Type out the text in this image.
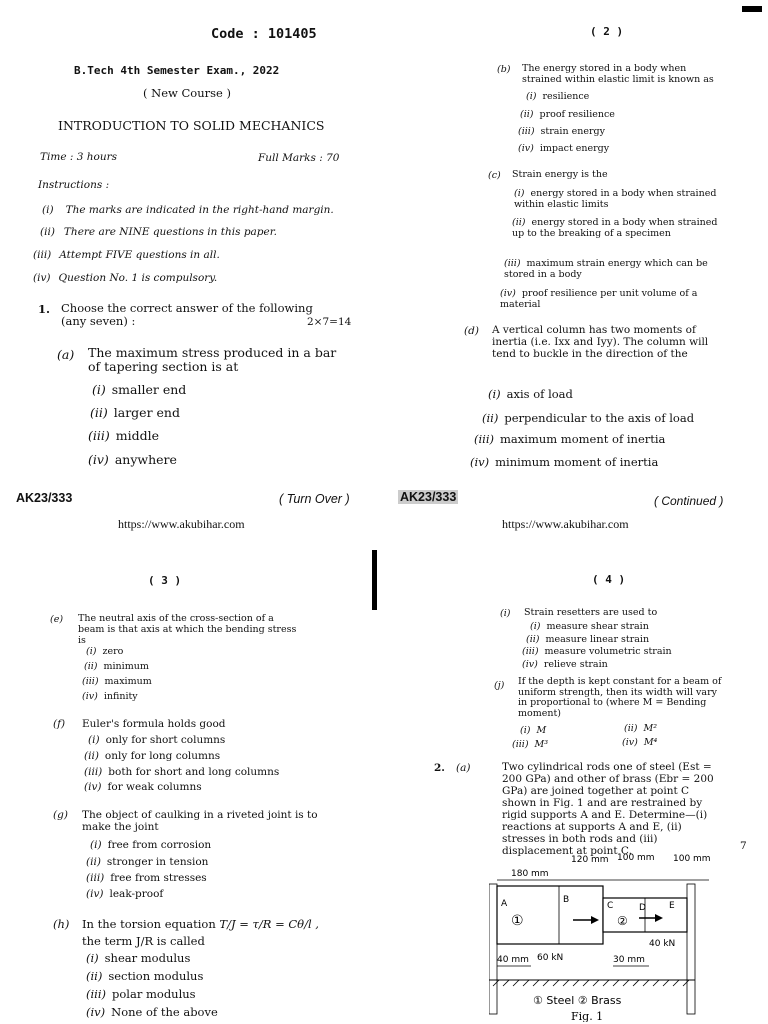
Code : 101405
B.Tech 4th Semester Exam., 2022
( New Course )
INTRODUCTION TO SOLID MECHANICS
Time : 3 hours	Full Marks : 70
Instructions :
(i) The marks are indicated in the right-hand margin.
(ii) There are NINE questions in this paper.
(iii) Attempt FIVE questions in all.
(iv) Question No. 1 is compulsory.
1. Choose the correct answer of the following (any seven) :	2×7=14
(a) The maximum stress produced in a bar of tapering section is at
(i) smaller end
(ii) larger end
(iii) middle
(iv) anywhere
AK23/333	( Turn Over )
https://www.akubihar.com
( 2 )
(b) The energy stored in a body when strained within elastic limit is known as
(i) resilience
(ii) proof resilience
(iii) strain energy
(iv) impact energy
(c) Strain energy is the
(i) energy stored in a body when strained within elastic limits
(ii) energy stored in a body when strained up to the breaking of a specimen
(iii) maximum strain energy which can be stored in a body
(iv) proof resilience per unit volume of a material
(d) A vertical column has two moments of inertia (i.e. Ixx and Iyy). The column will tend to buckle in the direction of the
(i) axis of load
(ii) perpendicular to the axis of load
(iii) maximum moment of inertia
(iv) minimum moment of inertia
AK23/333	( Continued )
https://www.akubihar.com
( 3 )
(e) The neutral axis of the cross-section of a beam is that axis at which the bending stress is
(i) zero
(ii) minimum
(iii) maximum
(iv) infinity
(f) Euler's formula holds good
(i) only for short columns
(ii) only for long columns
(iii) both for short and long columns
(iv) for weak columns
(g) The object of caulking in a riveted joint is to make the joint
(i) free from corrosion
(ii) stronger in tension
(iii) free from stresses
(iv) leak-proof
(h) In the torsion equation T/J = τ/R = Cθ/l ,
the term J/R is called
(i) shear modulus
(ii) section modulus
(iii) polar modulus
(iv) None of the above
( 4 )
(i) Strain resetters are used to
(i) measure shear strain
(ii) measure linear strain
(iii) measure volumetric strain
(iv) relieve strain
(j) If the depth is kept constant for a beam of uniform strength, then its width will vary in proportional to (where M = Bending moment)
(i) M	(ii) M²
(iii) M³	(iv) M⁴
2. (a)	Two cylindrical rods one of steel (Est = 200 GPa) and other of brass (Ebr = 200 GPa) are joined together at point C shown in Fig. 1 and are restrained by rigid supports A and E. Determine—(i) reactions at supports A and E, (ii) stresses in both rods and (iii) displacement at point C.	7
120 mm 100 mm 100 mm
180 mm
A	B
C	D	E
①	②
40 kN
60 kN
40 mm	30 mm
① Steel ② Brass
Fig. 1
